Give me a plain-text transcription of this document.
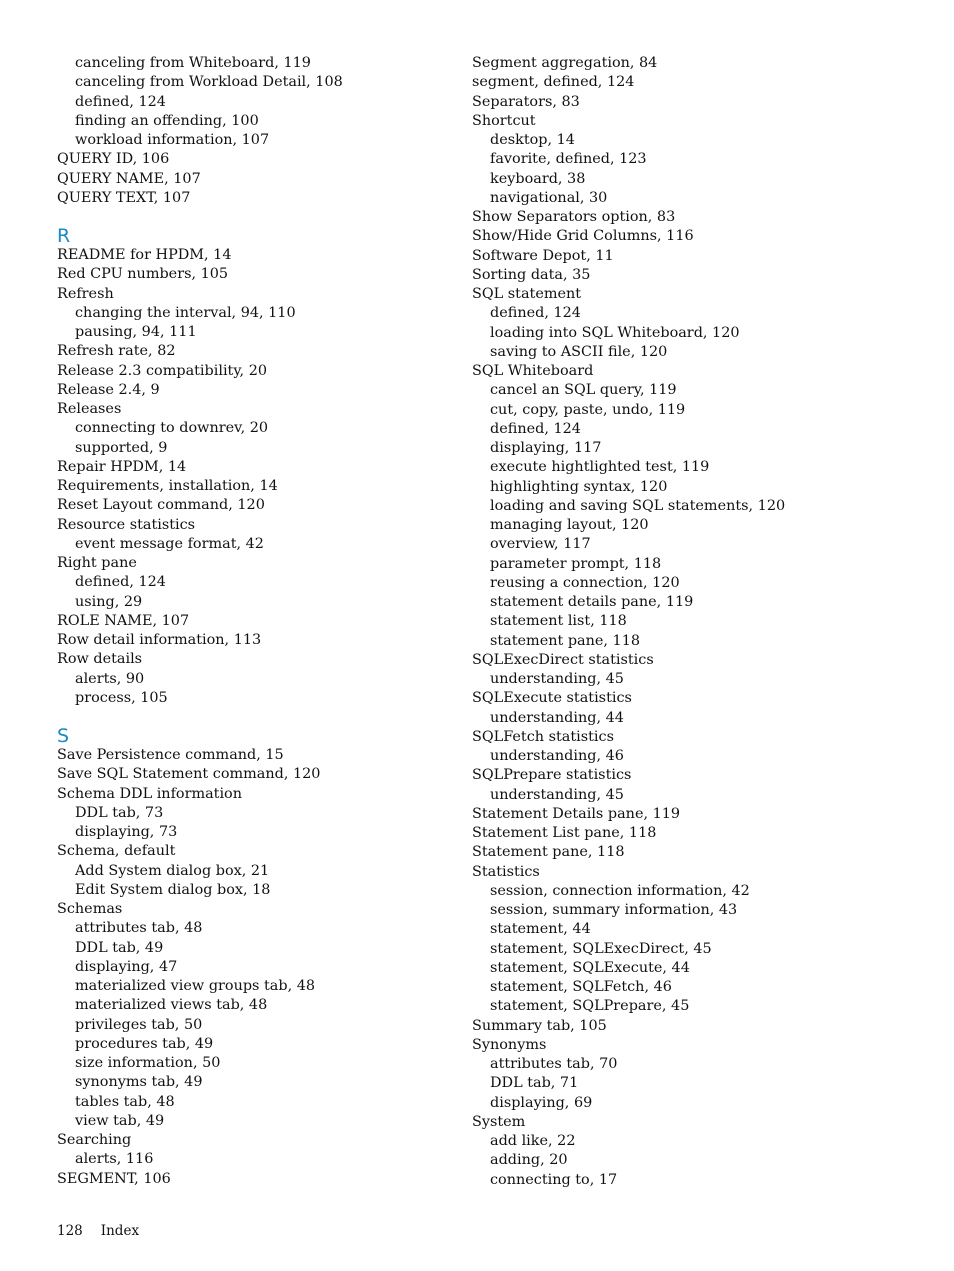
canceling from Whiteboard, 119
canceling from Workload Detail, 108
defined, 124
finding an offending, 100
workload information, 107
QUERY ID, 106
QUERY NAME, 107
QUERY TEXT, 107
R
README for HPDM, 14
Red CPU numbers, 105
Refresh
changing the interval, 94, 110
pausing, 94, 111
Refresh rate, 82
Release 2.3 compatibility, 20
Release 2.4, 9
Releases
connecting to downrev, 20
supported, 9
Repair HPDM, 14
Requirements, installation, 14
Reset Layout command, 120
Resource statistics
event message format, 42
Right pane
defined, 124
using, 29
ROLE NAME, 107
Row detail information, 113
Row details
alerts, 90
process, 105
S
Save Persistence command, 15
Save SQL Statement command, 120
Schema DDL information
DDL tab, 73
displaying, 73
Schema, default
Add System dialog box, 21
Edit System dialog box, 18
Schemas
attributes tab, 48
DDL tab, 49
displaying, 47
materialized view groups tab, 48
materialized views tab, 48
privileges tab, 50
procedures tab, 49
size information, 50
synonyms tab, 49
tables tab, 48
view tab, 49
Searching
alerts, 116
SEGMENT, 106
Segment aggregation, 84
segment, defined, 124
Separators, 83
Shortcut
desktop, 14
favorite, defined, 123
keyboard, 38
navigational, 30
Show Separators option, 83
Show/Hide Grid Columns, 116
Software Depot, 11
Sorting data, 35
SQL statement
defined, 124
loading into SQL Whiteboard, 120
saving to ASCII file, 120
SQL Whiteboard
cancel an SQL query, 119
cut, copy, paste, undo, 119
defined, 124
displaying, 117
execute hightlighted test, 119
highlighting syntax, 120
loading and saving SQL statements, 120
managing layout, 120
overview, 117
parameter prompt, 118
reusing a connection, 120
statement details pane, 119
statement list, 118
statement pane, 118
SQLExecDirect statistics
understanding, 45
SQLExecute statistics
understanding, 44
SQLFetch statistics
understanding, 46
SQLPrepare statistics
understanding, 45
Statement Details pane, 119
Statement List pane, 118
Statement pane, 118
Statistics
session, connection information, 42
session, summary information, 43
statement, 44
statement, SQLExecDirect, 45
statement, SQLExecute, 44
statement, SQLFetch, 46
statement, SQLPrepare, 45
Summary tab, 105
Synonyms
attributes tab, 70
DDL tab, 71
displaying, 69
System
add like, 22
adding, 20
connecting to, 17
128 Index
